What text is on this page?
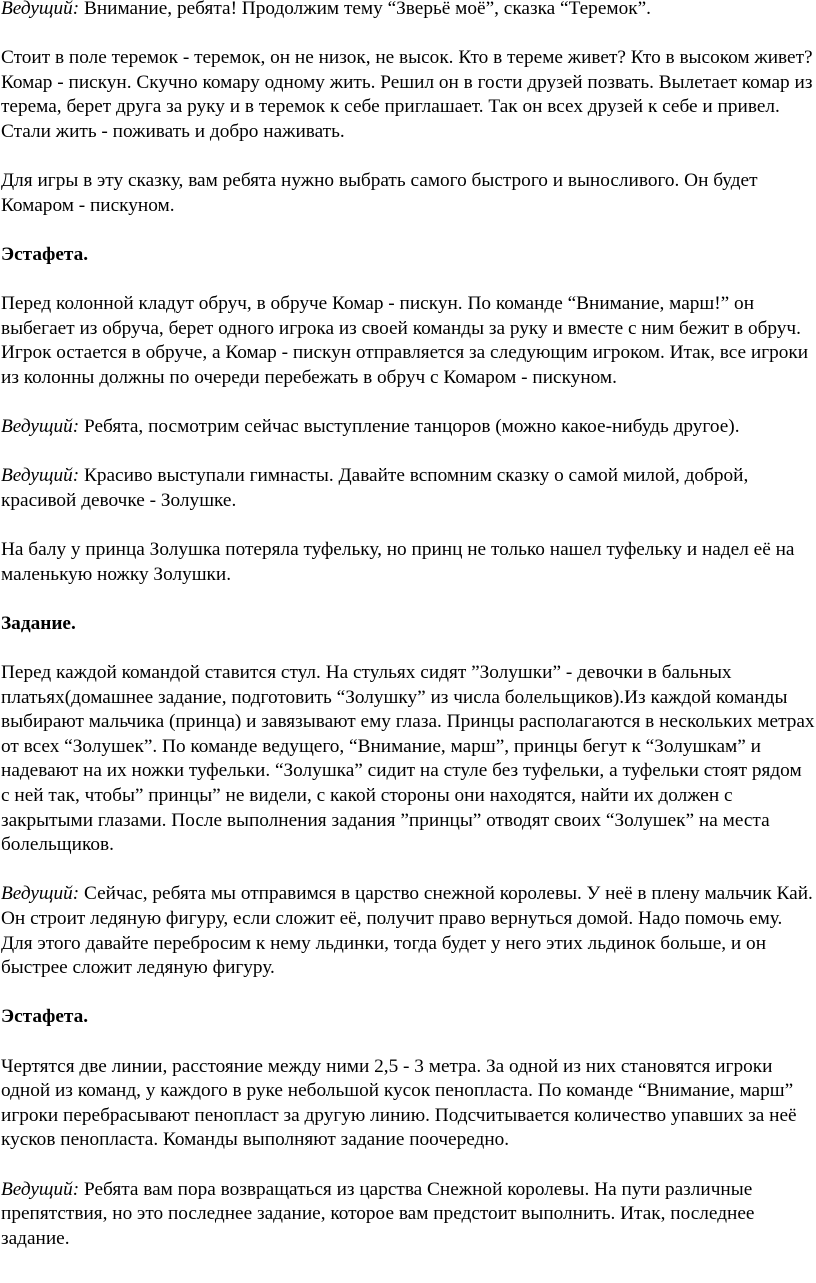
Ведущий: Внимание, ребята! Продолжим тему “Зверьё моё”, сказка “Теремок”.

Стоит в поле теремок - теремок, он не низок, не высок. Кто в тереме живет? Кто в высоком живет? Комар - пискун. Скучно комару одному жить. Решил он в гости друзей позвать. Вылетает комар из терема, берет друга за руку и в теремок к себе приглашает. Так он всех друзей к себе и привел. Стали жить - поживать и добро наживать.

Для игры в эту сказку, вам ребята нужно выбрать самого быстрого и выносливого. Он будет Комаром - пискуном.

Эстафета.

Перед колонной кладут обруч, в обруче Комар - пискун. По команде “Внимание, марш!” он выбегает из обруча, берет одного игрока из своей команды за руку и вместе с ним бежит в обруч. Игрок остается в обруче, а Комар - пискун отправляется за следующим игроком. Итак, все игроки из колонны должны по очереди перебежать в обруч с Комаром - пискуном.

Ведущий: Ребята, посмотрим сейчас выступление танцоров (можно какое-нибудь другое).

Ведущий: Красиво выступали гимнасты. Давайте вспомним сказку о самой милой, доброй, красивой девочке - Золушке.

На балу у принца Золушка потеряла туфельку, но принц не только нашел туфельку и надел её на маленькую ножку Золушки.

Задание.

Перед каждой командой ставится стул. На стульях сидят ”Золушки” - девочки в бальных платьях(домашнее задание, подготовить “Золушку” из числа болельщиков).Из каждой команды выбирают мальчика (принца) и завязывают ему глаза. Принцы располагаются в нескольких метрах от всех “Золушек”. По команде ведущего, “Внимание, марш”, принцы бегут к “Золушкам” и надевают на их ножки туфельки. “Золушка” сидит на стуле без туфельки, а туфельки стоят рядом с ней так, чтобы” принцы” не видели, с какой стороны они находятся, найти их должен с закрытыми глазами. После выполнения задания ”принцы” отводят своих “Золушек” на места болельщиков.

Ведущий: Сейчас, ребята мы отправимся в царство снежной королевы. У неё в плену мальчик Кай. Он строит ледяную фигуру, если сложит её, получит право вернуться домой. Надо помочь ему. Для этого давайте перебросим к нему льдинки, тогда будет у него этих льдинок больше, и он быстрее сложит ледяную фигуру.

Эстафета.

Чертятся две линии, расстояние между ними 2,5 - 3 метра. За одной из них становятся игроки одной из команд, у каждого в руке небольшой кусок пенопласта. По команде “Внимание, марш” игроки перебрасывают пенопласт за другую линию. Подсчитывается количество упавших за неё кусков пенопласта. Команды выполняют задание поочередно.

Ведущий: Ребята вам пора возвращаться из царства Снежной королевы. На пути различные препятствия, но это последнее задание, которое вам предстоит выполнить. Итак, последнее задание.
